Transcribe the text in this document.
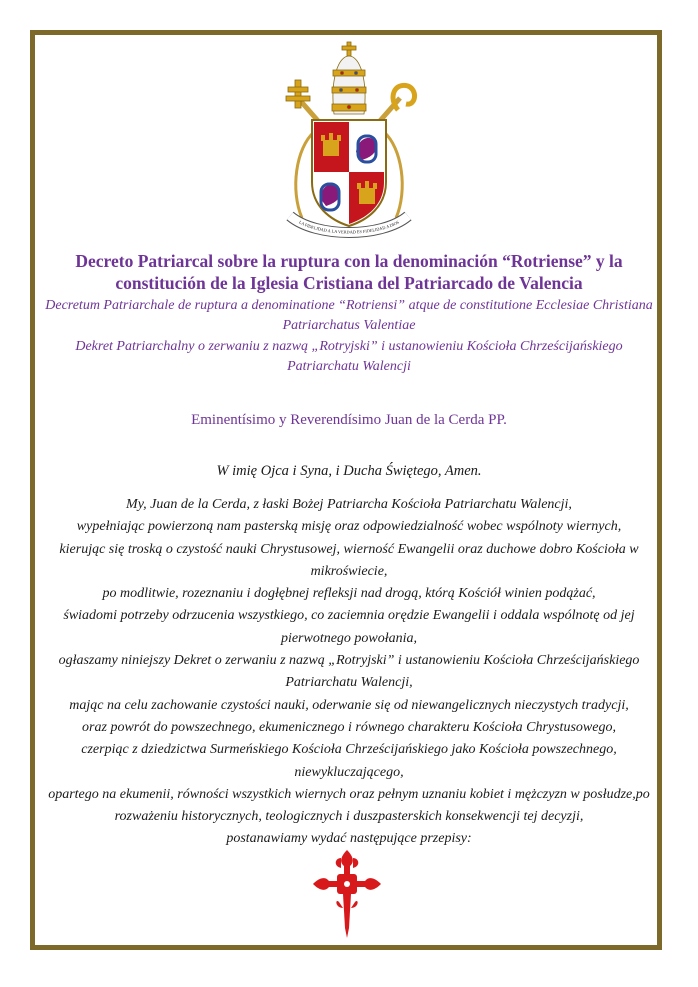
LA FIDELIDAD A LA VERDAD ES FIDELIDAD A DIOS
Decreto Patriarcal sobre la ruptura con la denominación “Rotriense” y la constitución de la Iglesia Cristiana del Patriarcado de Valencia
Decretum Patriarchale de ruptura a denominatione “Rotriensi” atque de constitutione Ecclesiae Christiana Patriarchatus Valentiae
Dekret Patriarchalny o zerwaniu z nazwą „Rotryjski” i ustanowieniu Kościoła Chrześcijańskiego Patriarchatu Walencji
Eminentísimo y Reverendísimo Juan de la Cerda PP.
W imię Ojca i Syna, i Ducha Świętego, Amen.
My, Juan de la Cerda, z łaski Bożej Patriarcha Kościoła Patriarchatu Walencji,
wypełniając powierzoną nam pasterską misję oraz odpowiedzialność wobec wspólnoty wiernych,
kierując się troską o czystość nauki Chrystusowej, wierność Ewangelii oraz duchowe dobro Kościoła w mikroświecie,
po modlitwie, rozeznaniu i dogłębnej refleksji nad drogą, którą Kościół winien podążać,
świadomi potrzeby odrzucenia wszystkiego, co zaciemnia orędzie Ewangelii i oddala wspólnotę od jej pierwotnego powołania,
ogłaszamy niniejszy Dekret o zerwaniu z nazwą „Rotryjski” i ustanowieniu Kościoła Chrześcijańskiego Patriarchatu Walencji,
mając na celu zachowanie czystości nauki, oderwanie się od niewangelicznych nieczystych tradycji,
oraz powrót do powszechnego, ekumenicznego i równego charakteru Kościoła Chrystusowego,
czerpiąc z dziedzictwa Surmeńskiego Kościoła Chrześcijańskiego jako Kościoła powszechnego, niewykluczającego,
opartego na ekumenii, równości wszystkich wiernych oraz pełnym uznaniu kobiet i mężczyzn w posłudze,po rozważeniu historycznych, teologicznych i duszpasterskich konsekwencji tej decyzji,
postanawiamy wydać następujące przepisy:
